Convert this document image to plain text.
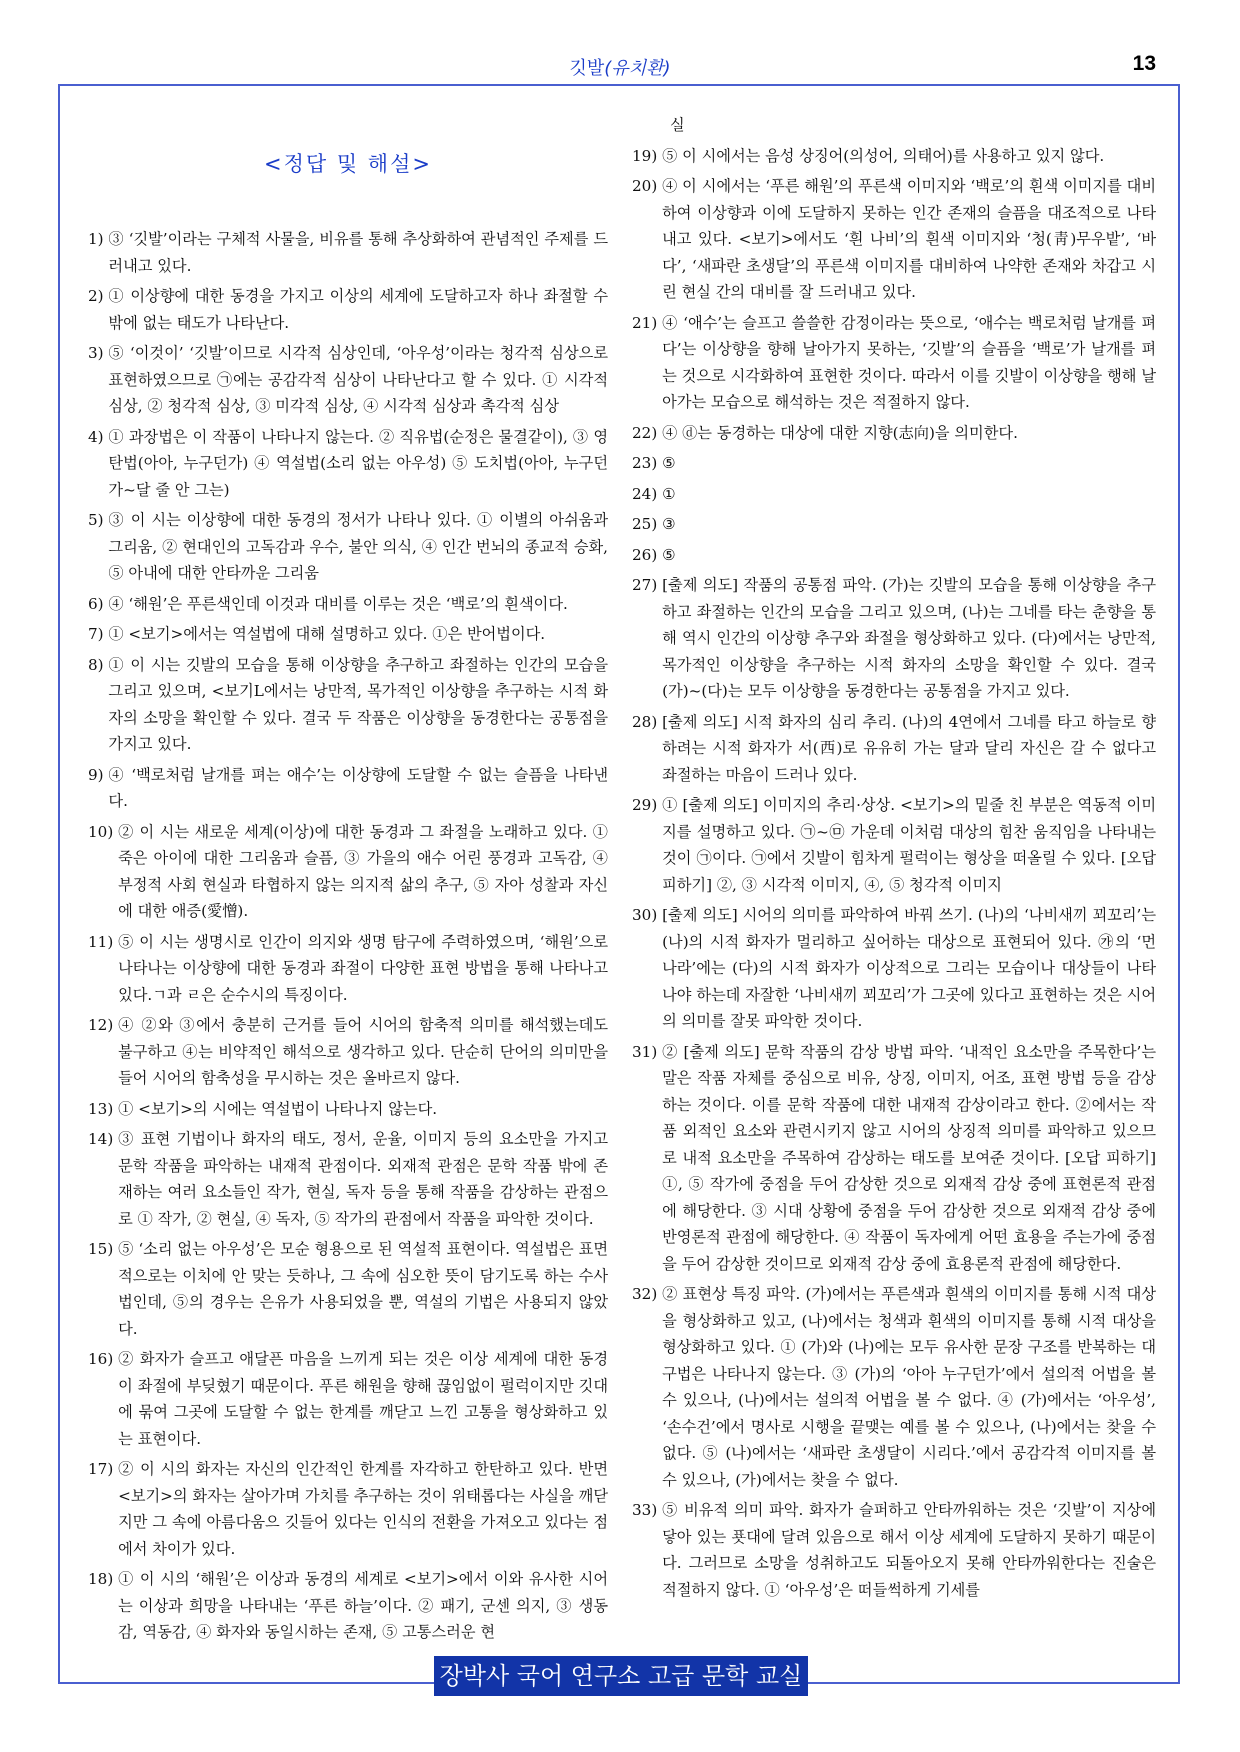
깃발(유치환)	13
<정답 및 해설>
1) ③ ‘깃발’이라는 구체적 사물을, 비유를 통해 추상화하여 관념적인 주제를 드러내고 있다.
2) ① 이상향에 대한 동경을 가지고 이상의 세계에 도달하고자 하나 좌절할 수밖에 없는 태도가 나타난다.
3) ⑤ ‘이것이’ ‘깃발’이므로 시각적 심상인데, ‘아우성’이라는 청각적 심상으로 표현하였으므로 ㉠에는 공감각적 심상이 나타난다고 할 수 있다. ① 시각적 심상, ② 청각적 심상, ③ 미각적 심상, ④ 시각적 심상과 촉각적 심상
4) ① 과장법은 이 작품이 나타나지 않는다. ② 직유법(순정은 물결같이), ③ 영탄법(아아, 누구던가) ④ 역설법(소리 없는 아우성) ⑤ 도치법(아아, 누구던가~달 줄 안 그는)
5) ③ 이 시는 이상향에 대한 동경의 정서가 나타나 있다. ① 이별의 아쉬움과 그리움, ② 현대인의 고독감과 우수, 불안 의식, ④ 인간 번뇌의 종교적 승화, ⑤ 아내에 대한 안타까운 그리움
6) ④ ‘해원’은 푸른색인데 이것과 대비를 이루는 것은 ‘백로’의 흰색이다.
7) ① <보기>에서는 역설법에 대해 설명하고 있다. ①은 반어법이다.
8) ① 이 시는 깃발의 모습을 통해 이상향을 추구하고 좌절하는 인간의 모습을 그리고 있으며, <보기L에서는 낭만적, 목가적인 이상향을 추구하는 시적 화자의 소망을 확인할 수 있다. 결국 두 작품은 이상향을 동경한다는 공통점을 가지고 있다.
9) ④ ‘백로처럼 날개를 펴는 애수’는 이상향에 도달할 수 없는 슬픔을 나타낸다.
10) ② 이 시는 새로운 세계(이상)에 대한 동경과 그 좌절을 노래하고 있다. ① 죽은 아이에 대한 그리움과 슬픔, ③ 가을의 애수 어린 풍경과 고독감, ④ 부정적 사회 현실과 타협하지 않는 의지적 삶의 추구, ⑤ 자아 성찰과 자신에 대한 애증(愛憎).
11) ⑤ 이 시는 생명시로 인간이 의지와 생명 탐구에 주력하였으며, ‘해원’으로 나타나는 이상향에 대한 동경과 좌절이 다양한 표현 방법을 통해 나타나고 있다.ㄱ과 ㄹ은 순수시의 특징이다.
12) ④ ②와 ③에서 충분히 근거를 들어 시어의 함축적 의미를 해석했는데도 불구하고 ④는 비약적인 해석으로 생각하고 있다. 단순히 단어의 의미만을 들어 시어의 함축성을 무시하는 것은 올바르지 않다.
13) ① <보기>의 시에는 역설법이 나타나지 않는다.
14) ③ 표현 기법이나 화자의 태도, 정서, 운율, 이미지 등의 요소만을 가지고 문학 작품을 파악하는 내재적 관점이다. 외재적 관점은 문학 작품 밖에 존재하는 여러 요소들인 작가, 현실, 독자 등을 통해 작품을 감상하는 관점으로 ① 작가, ② 현실, ④ 독자, ⑤ 작가의 관점에서 작품을 파악한 것이다.
15) ⑤ ‘소리 없는 아우성’은 모순 형용으로 된 역설적 표현이다. 역설법은 표면적으로는 이치에 안 맞는 듯하나, 그 속에 심오한 뜻이 담기도록 하는 수사법인데, ⑤의 경우는 은유가 사용되었을 뿐, 역설의 기법은 사용되지 않았다.
16) ② 화자가 슬프고 애달픈 마음을 느끼게 되는 것은 이상 세계에 대한 동경이 좌절에 부딪혔기 때문이다. 푸른 해원을 향해 끊임없이 펄럭이지만 깃대에 묶여 그곳에 도달할 수 없는 한계를 깨닫고 느낀 고통을 형상화하고 있는 표현이다.
17) ② 이 시의 화자는 자신의 인간적인 한계를 자각하고 한탄하고 있다. 반면 <보기>의 화자는 살아가며 가치를 추구하는 것이 위태롭다는 사실을 깨닫지만 그 속에 아름다움으 깃들어 있다는 인식의 전환을 가져오고 있다는 점에서 차이가 있다.
18) ① 이 시의 ‘해원’은 이상과 동경의 세계로 <보기>에서 이와 유사한 시어는 이상과 희망을 나타내는 ‘푸른 하늘’이다. ② 패기, 군센 의지, ③ 생동감, 역동감, ④ 화자와 동일시하는 존재, ⑤ 고통스러운 현
실
19) ⑤ 이 시에서는 음성 상징어(의성어, 의태어)를 사용하고 있지 않다.
20) ④ 이 시에서는 ‘푸른 해원’의 푸른색 이미지와 ‘백로’의 흰색 이미지를 대비하여 이상향과 이에 도달하지 못하는 인간 존재의 슬픔을 대조적으로 나타내고 있다. <보기>에서도 ‘흰 나비’의 흰색 이미지와 ‘청(靑)무우밭’, ‘바다’, ‘새파란 초생달’의 푸른색 이미지를 대비하여 나약한 존재와 차갑고 시린 현실 간의 대비를 잘 드러내고 있다.
21) ④ ‘애수’는 슬프고 쓸쓸한 감정이라는 뜻으로, ‘애수는 백로처럼 날개를 펴다’는 이상향을 향해 날아가지 못하는, ‘깃발’의 슬픔을 ‘백로’가 날개를 펴는 것으로 시각화하여 표현한 것이다. 따라서 이를 깃발이 이상향을 행해 날아가는 모습으로 해석하는 것은 적절하지 않다.
22) ④ ⓓ는 동경하는 대상에 대한 지향(志向)을 의미한다.
23) ⑤
24) ①
25) ③
26) ⑤
27) [출제 의도] 작품의 공통점 파악. (가)는 깃발의 모습을 통해 이상향을 추구하고 좌절하는 인간의 모습을 그리고 있으며, (나)는 그네를 타는 춘향을 통해 역시 인간의 이상향 추구와 좌절을 형상화하고 있다. (다)에서는 낭만적, 목가적인 이상향을 추구하는 시적 화자의 소망을 확인할 수 있다. 결국 (가)~(다)는 모두 이상향을 동경한다는 공통점을 가지고 있다.
28) [출제 의도] 시적 화자의 심리 추리. (나)의 4연에서 그네를 타고 하늘로 향하려는 시적 화자가 서(西)로 유유히 가는 달과 달리 자신은 갈 수 없다고 좌절하는 마음이 드러나 있다.
29) ① [출제 의도] 이미지의 추리·상상. <보기>의 밑줄 친 부분은 역동적 이미지를 설명하고 있다. ㉠~㉤ 가운데 이처럼 대상의 힘찬 움직임을 나타내는 것이 ㉠이다. ㉠에서 깃발이 힘차게 펄럭이는 형상을 떠올릴 수 있다. [오답 피하기] ②, ③ 시각적 이미지, ④, ⑤ 청각적 이미지
30) [출제 의도] 시어의 의미를 파악하여 바꿔 쓰기. (나)의 ‘나비새끼 꾀꼬리’는 (나)의 시적 화자가 멀리하고 싶어하는 대상으로 표현되어 있다. ㉮의 ‘먼 나라’에는 (다)의 시적 화자가 이상적으로 그리는 모습이나 대상들이 나타나야 하는데 자잘한 ‘나비새끼 꾀꼬리’가 그곳에 있다고 표현하는 것은 시어의 의미를 잘못 파악한 것이다.
31) ② [출제 의도] 문학 작품의 감상 방법 파악. ‘내적인 요소만을 주목한다’는 말은 작품 자체를 중심으로 비유, 상징, 이미지, 어조, 표현 방법 등을 감상하는 것이다. 이를 문학 작품에 대한 내재적 감상이라고 한다. ②에서는 작품 외적인 요소와 관련시키지 않고 시어의 상징적 의미를 파악하고 있으므로 내적 요소만을 주목하여 감상하는 태도를 보여준 것이다. [오답 피하기] ①, ⑤ 작가에 중점을 두어 감상한 것으로 외재적 감상 중에 표현론적 관점에 해당한다. ③ 시대 상황에 중점을 두어 감상한 것으로 외재적 감상 중에 반영론적 관점에 해당한다. ④ 작품이 독자에게 어떤 효용을 주는가에 중점을 두어 감상한 것이므로 외재적 감상 중에 효용론적 관점에 해당한다.
32) ② 표현상 특징 파악. (가)에서는 푸른색과 흰색의 이미지를 통해 시적 대상을 형상화하고 있고, (나)에서는 청색과 흰색의 이미지를 통해 시적 대상을 형상화하고 있다. ① (가)와 (나)에는 모두 유사한 문장 구조를 반복하는 대구법은 나타나지 않는다. ③ (가)의 ‘아아 누구던가’에서 설의적 어법을 볼 수 있으나, (나)에서는 설의적 어법을 볼 수 없다. ④ (가)에서는 ‘아우성’, ‘손수건’에서 명사로 시행을 끝맺는 예를 볼 수 있으나, (나)에서는 찾을 수 없다. ⑤ (나)에서는 ‘새파란 초생달이 시리다.’에서 공감각적 이미지를 볼 수 있으나, (가)에서는 찾을 수 없다.
33) ⑤ 비유적 의미 파악. 화자가 슬퍼하고 안타까워하는 것은 ‘깃발’이 지상에 닿아 있는 푯대에 달려 있음으로 해서 이상 세계에 도달하지 못하기 때문이다. 그러므로 소망을 성취하고도 되돌아오지 못해 안타까워한다는 진술은 적절하지 않다. ① ‘아우성’은 떠들썩하게 기세를
장박사 국어 연구소 고급 문학 교실
